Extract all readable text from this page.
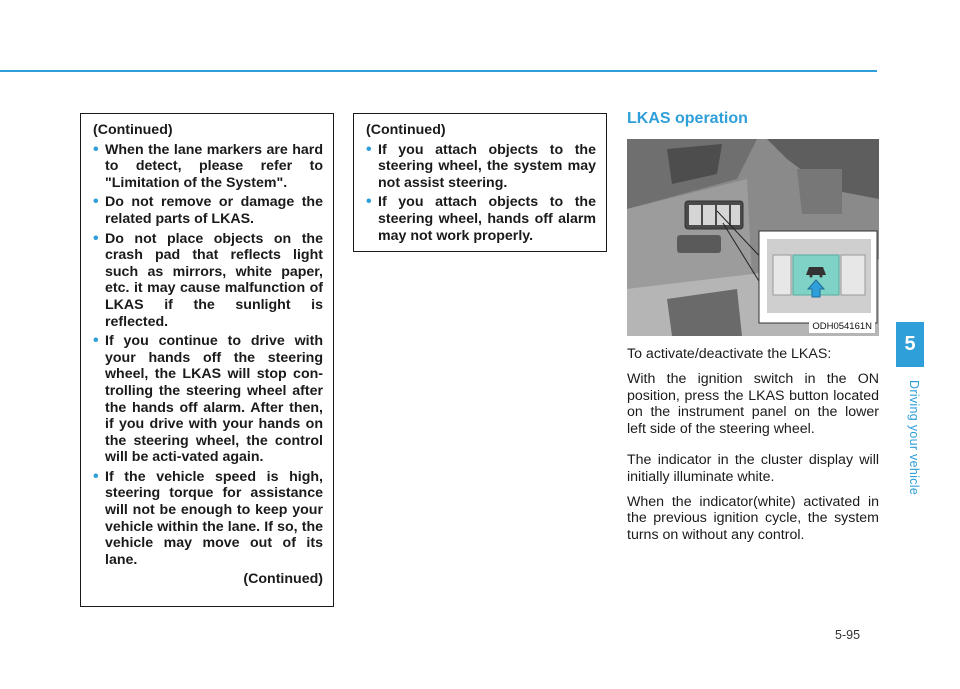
(Continued)

• When the lane markers are hard to detect, please refer to "Limitation of the System".
• Do not remove or damage the related parts of LKAS.
• Do not place objects on the crash pad that reflects light such as mirrors, white paper, etc. it may cause malfunction of LKAS if the sunlight is reflected.
• If you continue to drive with your hands off the steering wheel, the LKAS will stop con-trolling the steering wheel after the hands off alarm. After then, if you drive with your hands on the steering wheel, the control will be acti-vated again.
• If the vehicle speed is high, steering torque for assistance will not be enough to keep your vehicle within the lane. If so, the vehicle may move out of its lane.

(Continued)

(Continued)

• If you attach objects to the steering wheel, the system may not assist steering.
• If you attach objects to the steering wheel, hands off alarm may not work properly.
LKAS operation
ODH054161N

To activate/deactivate the LKAS:

With the ignition switch in the ON position, press the LKAS button located on the instrument panel on the lower left side of the steering wheel.

The indicator in the cluster display will initially illuminate white.

When the indicator(white) activated in the previous ignition cycle, the system turns on without any control.

5
Driving your vehicle
5-95
